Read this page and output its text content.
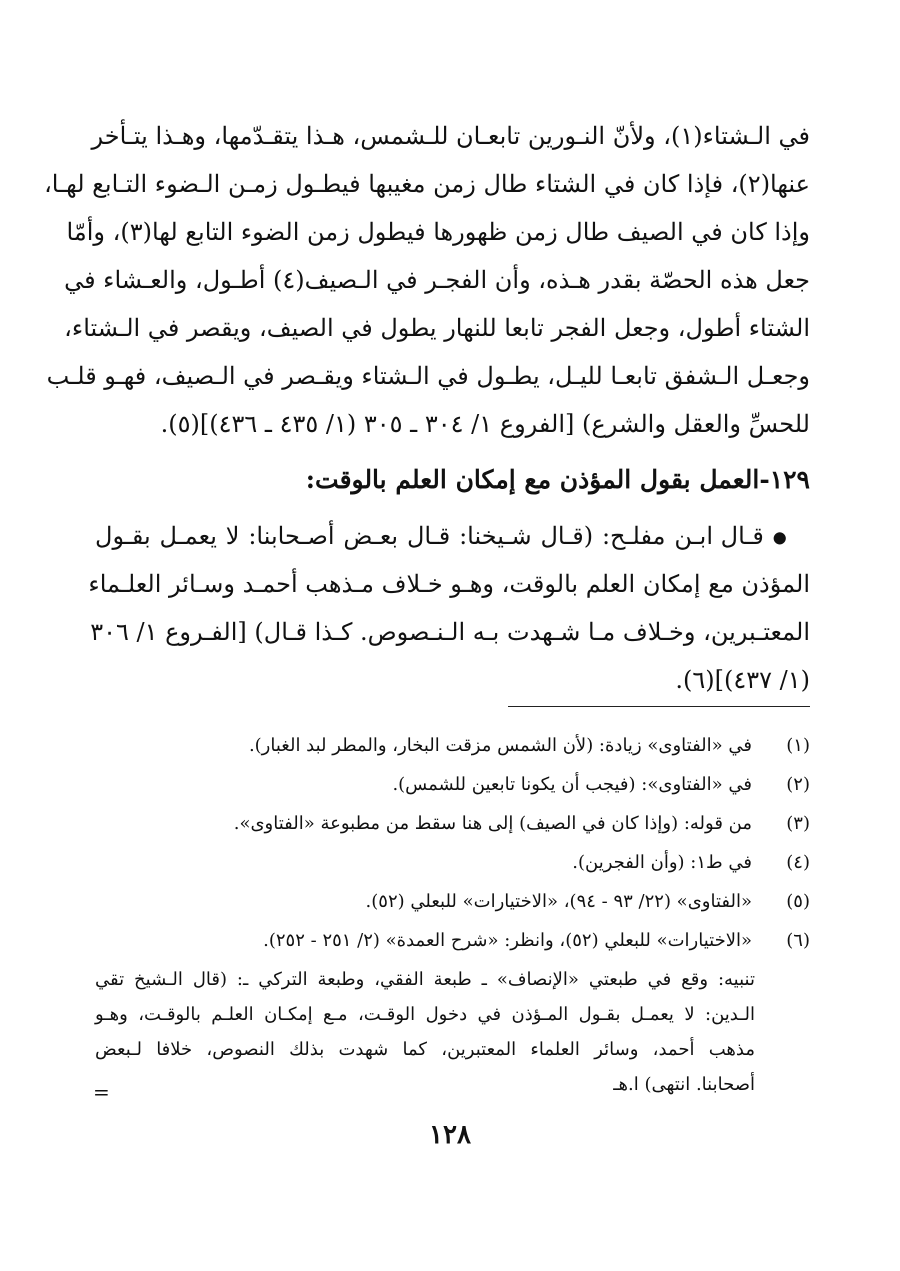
في الـشتاء(١)، ولأنّ النـورين تابعـان للـشمس، هـذا يتقـدّمها، وهـذا يتـأخر
عنها(٢)، فإذا كان في الشتاء طال زمن مغيبها فيطـول زمـن الـضوء التـابع لهـا،
وإذا كان في الصيف طال زمن ظهورها فيطول زمن الضوء التابع لها(٣)، وأمّا
جعل هذه الحصّة بقدر هـذه، وأن الفجـر في الـصيف(٤) أطـول، والعـشاء في
الشتاء أطول، وجعل الفجر تابعا للنهار يطول في الصيف، ويقصر في الـشتاء،
وجعـل الـشفق تابعـا لليـل، يطـول في الـشتاء ويقـصر في الـصيف، فهـو قلـب
للحسِّ والعقل والشرع) [الفروع ١/ ٣٠٤ ـ ٣٠٥ (١/ ٤٣٥ ـ ٤٣٦)](٥).
١٢٩-العمل بقول المؤذن مع إمكان العلم بالوقت:
● قـال ابـن مفلـح: (قـال شـيخنا: قـال بعـض أصـحابنا: لا يعمـل بقـول
المؤذن مع إمكان العلم بالوقت، وهـو خـلاف مـذهب أحمـد وسـائر العلـماء
المعتـبرين، وخـلاف مـا شـهدت بـه الـنـصوص. كـذا قـال) [الفـروع ١/ ٣٠٦
(١/ ٤٣٧)](٦).
(١)
في «الفتاوى» زيادة: (لأن الشمس مزقت البخار، والمطر لبد الغبار).
(٢)
في «الفتاوى»: (فيجب أن يكونا تابعين للشمس).
(٣)
من قوله: (وإذا كان في الصيف) إلى هنا سقط من مطبوعة «الفتاوى».
(٤)
في ط١: (وأن الفجرين).
(٥)
«الفتاوى» (٢٢/ ٩٣ - ٩٤)، «الاختيارات» للبعلي (٥٢).
(٦)
«الاختيارات» للبعلي (٥٢)، وانظر: «شرح العمدة» (٢/ ٢٥١ - ٢٥٢).
تنبيه: وقع في طبعتي «الإنصاف» ـ طبعة الفقي، وطبعة التركي ـ: (قال الـشيخ تقي
الـدين: لا يعمـل بقـول المـؤذن في دخول الوقـت، مـع إمكـان العلـم بالوقـت، وهـو
مذهب أحمد، وسائر العلماء المعتبرين، كما شهدت بذلك النصوص، خلافا لـبعض
أصحابنا. انتهى) ا.هـ
=
١٢٨
